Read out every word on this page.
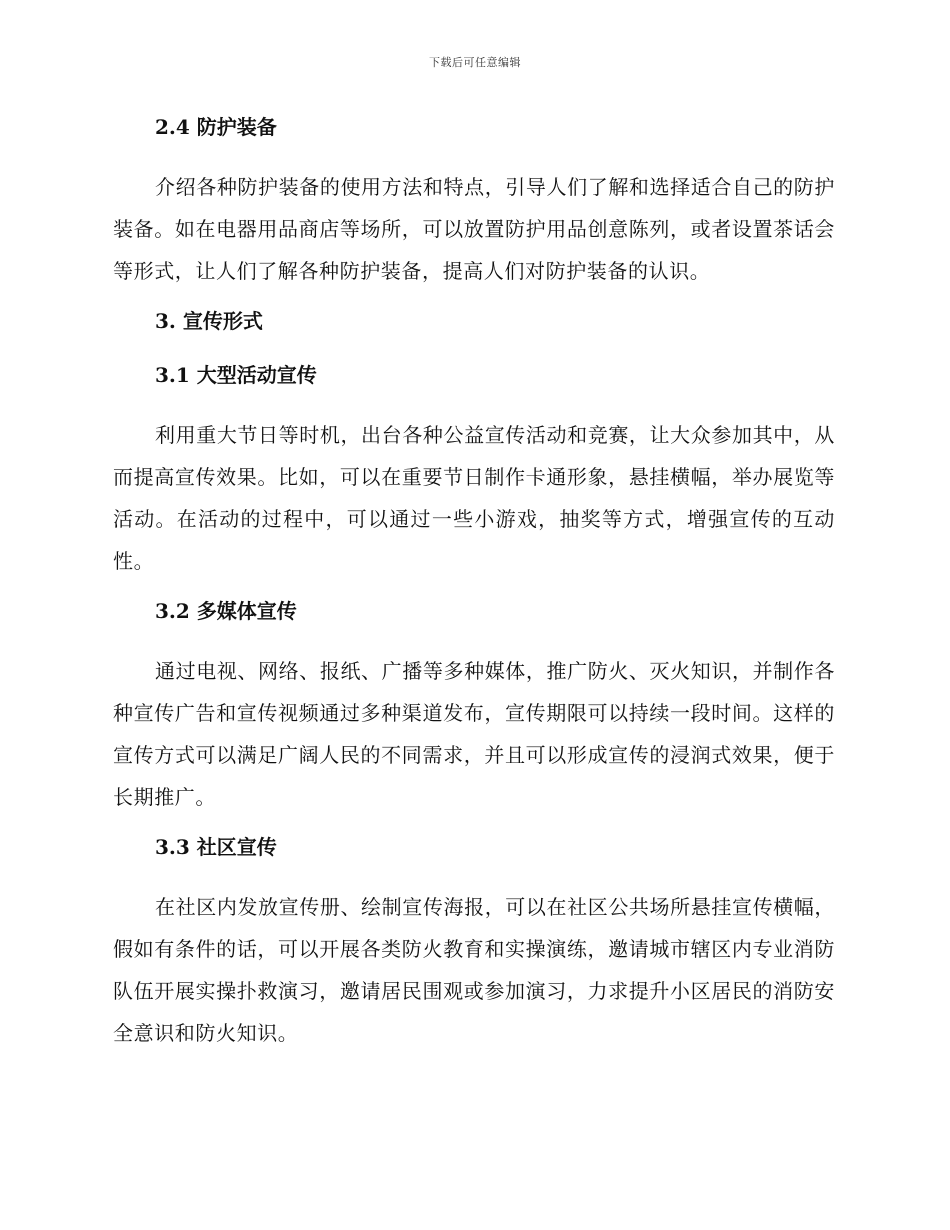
下载后可任意编辑
2.4 防护装备

介绍各种防护装备的使用方法和特点，引导人们了解和选择适合自己的防护装备。如在电器用品商店等场所，可以放置防护用品创意陈列，或者设置茶话会等形式，让人们了解各种防护装备，提高人们对防护装备的认识。

3. 宣传形式
3.1 大型活动宣传

利用重大节日等时机，出台各种公益宣传活动和竞赛，让大众参加其中，从而提高宣传效果。比如，可以在重要节日制作卡通形象，悬挂横幅，举办展览等活动。在活动的过程中，可以通过一些小游戏，抽奖等方式，增强宣传的互动性。

3.2 多媒体宣传

通过电视、网络、报纸、广播等多种媒体，推广防火、灭火知识，并制作各种宣传广告和宣传视频通过多种渠道发布，宣传期限可以持续一段时间。这样的宣传方式可以满足广阔人民的不同需求，并且可以形成宣传的浸润式效果，便于长期推广。

3.3 社区宣传

在社区内发放宣传册、绘制宣传海报，可以在社区公共场所悬挂宣传横幅，假如有条件的话，可以开展各类防火教育和实操演练，邀请城市辖区内专业消防队伍开展实操扑救演习，邀请居民围观或参加演习，力求提升小区居民的消防安全意识和防火知识。
